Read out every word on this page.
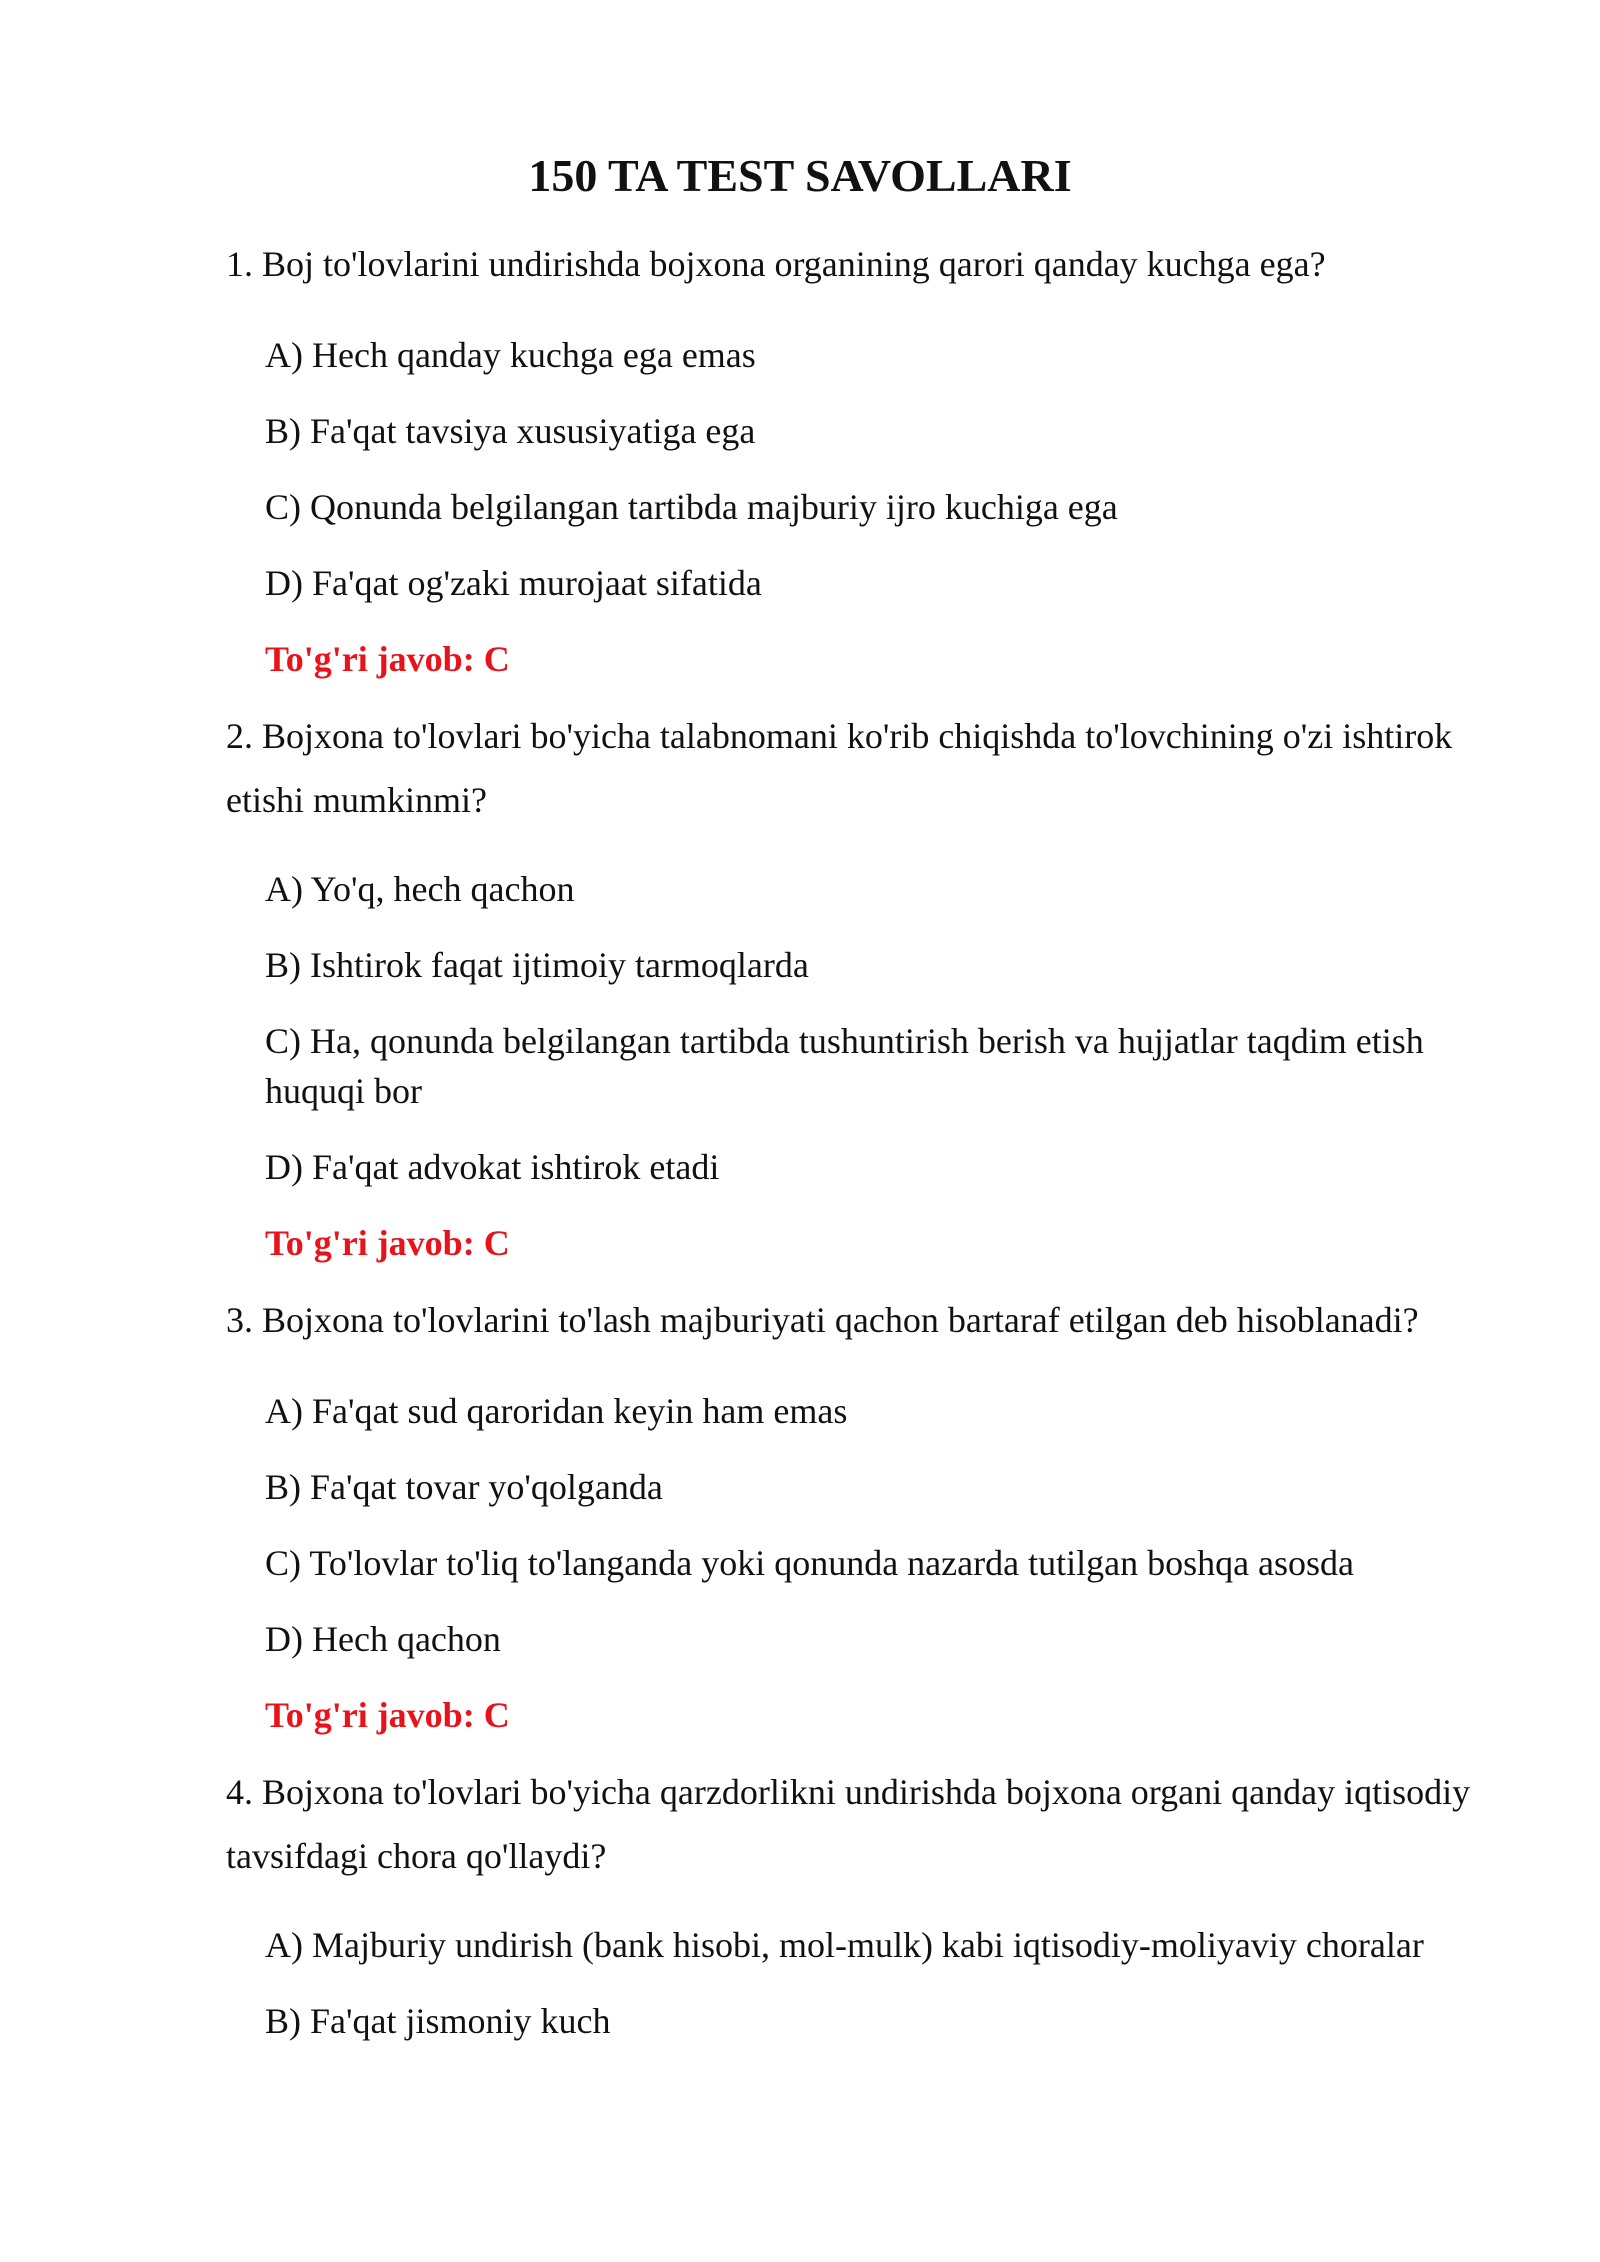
150 TA TEST SAVOLLARI

1. Boj to'lovlarini undirishda bojxona organining qarori qanday kuchga ega?

A) Hech qanday kuchga ega emas

B) Fa'qat tavsiya xususiyatiga ega

C) Qonunda belgilangan tartibda majburiy ijro kuchiga ega

D) Fa'qat og'zaki murojaat sifatida

To'g'ri javob: C

2. Bojxona to'lovlari bo'yicha talabnomani ko'rib chiqishda to'lovchining o'zi ishtirok etishi mumkinmi?

A) Yo'q, hech qachon

B) Ishtirok faqat ijtimoiy tarmoqlarda

C) Ha, qonunda belgilangan tartibda tushuntirish berish va hujjatlar taqdim etish huquqi bor

D) Fa'qat advokat ishtirok etadi

To'g'ri javob: C

3. Bojxona to'lovlarini to'lash majburiyati qachon bartaraf etilgan deb hisoblanadi?

A) Fa'qat sud qaroridan keyin ham emas

B) Fa'qat tovar yo'qolganda

C) To'lovlar to'liq to'langanda yoki qonunda nazarda tutilgan boshqa asosda

D) Hech qachon

To'g'ri javob: C

4. Bojxona to'lovlari bo'yicha qarzdorlikni undirishda bojxona organi qanday iqtisodiy tavsifdagi chora qo'llaydi?

A) Majburiy undirish (bank hisobi, mol-mulk) kabi iqtisodiy-moliyaviy choralar

B) Fa'qat jismoniy kuch
